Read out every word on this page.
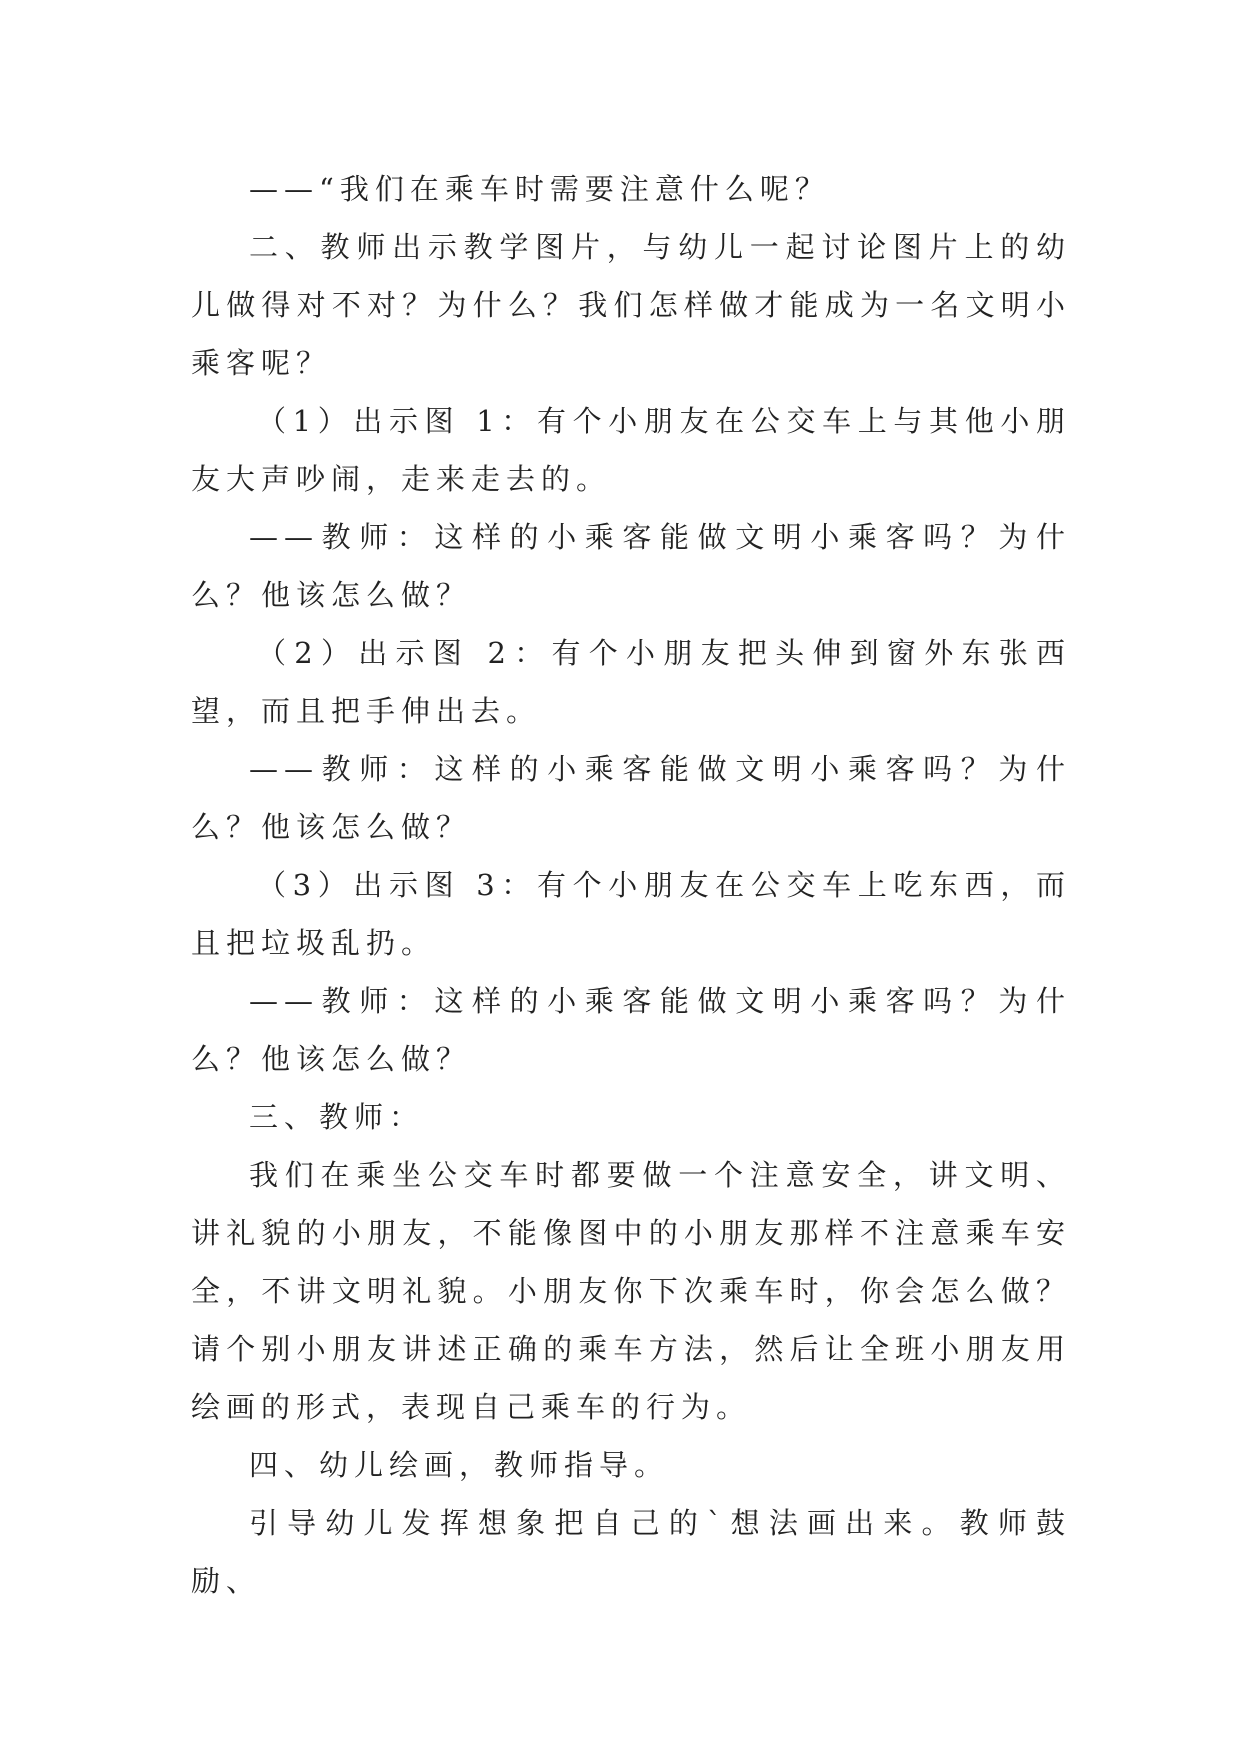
——“我们在乘车时需要注意什么呢？

二、教师出示教学图片，与幼儿一起讨论图片上的幼儿做得对不对？为什么？我们怎样做才能成为一名文明小乘客呢？

（1）出示图 1：有个小朋友在公交车上与其他小朋友大声吵闹，走来走去的。

——教师：这样的小乘客能做文明小乘客吗？为什么？他该怎么做？

（2）出示图 2：有个小朋友把头伸到窗外东张西望，而且把手伸出去。

——教师：这样的小乘客能做文明小乘客吗？为什么？他该怎么做？

（3）出示图 3：有个小朋友在公交车上吃东西，而且把垃圾乱扔。

——教师：这样的小乘客能做文明小乘客吗？为什么？他该怎么做？

三、教师：

我们在乘坐公交车时都要做一个注意安全，讲文明、讲礼貌的小朋友，不能像图中的小朋友那样不注意乘车安全，不讲文明礼貌。小朋友你下次乘车时，你会怎么做？请个别小朋友讲述正确的乘车方法，然后让全班小朋友用绘画的形式，表现自己乘车的行为。

四、幼儿绘画，教师指导。

引导幼儿发挥想象把自己的`想法画出来。教师鼓励、
